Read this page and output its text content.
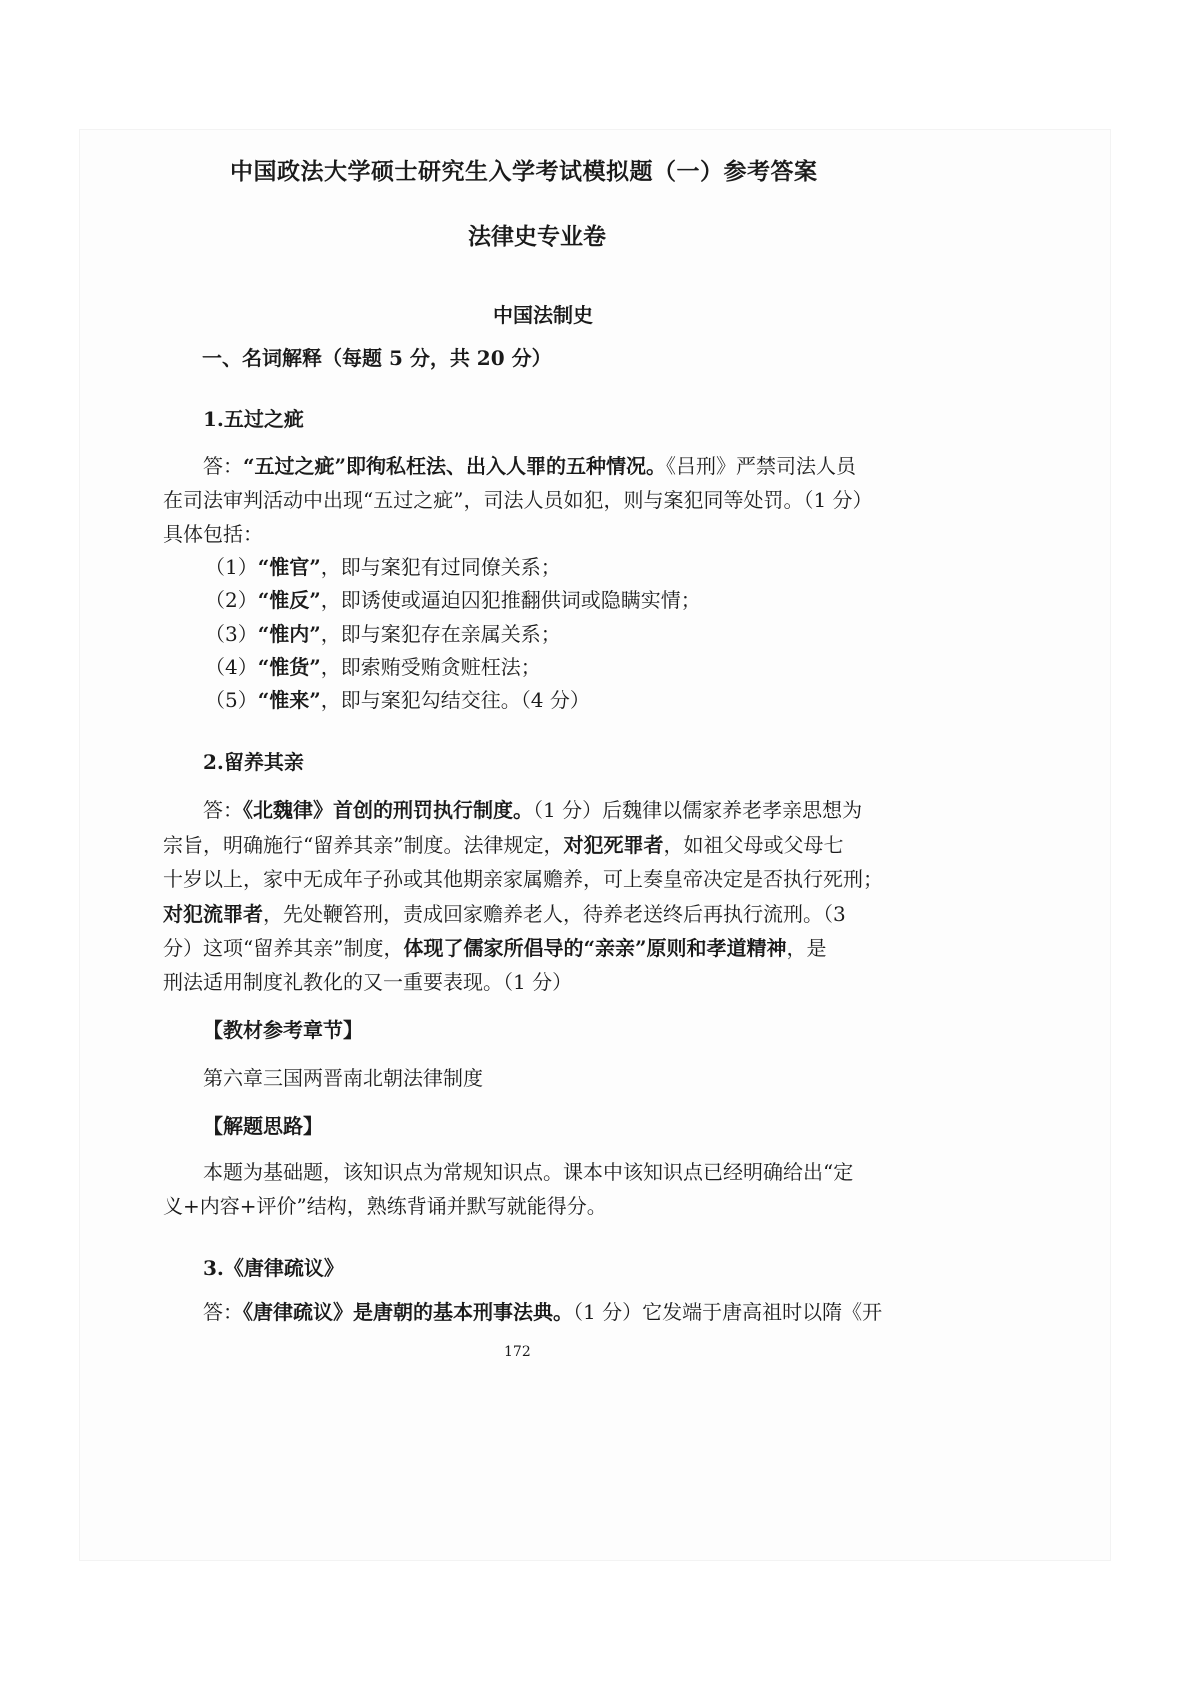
中国政法大学硕士研究生入学考试模拟题（一）参考答案
法律史专业卷
中国法制史
一、名词解释（每题 5 分，共 20 分）
1.五过之疵
答：“五过之疵”即徇私枉法、出入人罪的五种情况。《吕刑》严禁司法人员
在司法审判活动中出现“五过之疵”，司法人员如犯，则与案犯同等处罚。（1 分）
具体包括：
（1）“惟官”，即与案犯有过同僚关系；
（2）“惟反”，即诱使或逼迫囚犯推翻供词或隐瞒实情；
（3）“惟内”，即与案犯存在亲属关系；
（4）“惟货”，即索贿受贿贪赃枉法；
（5）“惟来”，即与案犯勾结交往。（4 分）
2.留养其亲
答：《北魏律》首创的刑罚执行制度。（1 分）后魏律以儒家养老孝亲思想为
宗旨，明确施行“留养其亲”制度。法律规定，对犯死罪者，如祖父母或父母七
十岁以上，家中无成年子孙或其他期亲家属赡养，可上奏皇帝决定是否执行死刑；
对犯流罪者，先处鞭笞刑，责成回家赡养老人，待养老送终后再执行流刑。（3
分）这项“留养其亲”制度，体现了儒家所倡导的“亲亲”原则和孝道精神，是
刑法适用制度礼教化的又一重要表现。（1 分）
【教材参考章节】
第六章三国两晋南北朝法律制度
【解题思路】
本题为基础题，该知识点为常规知识点。课本中该知识点已经明确给出“定
义+内容+评价”结构，熟练背诵并默写就能得分。
3.《唐律疏议》
答：《唐律疏议》是唐朝的基本刑事法典。（1 分）它发端于唐高祖时以隋《开
172
